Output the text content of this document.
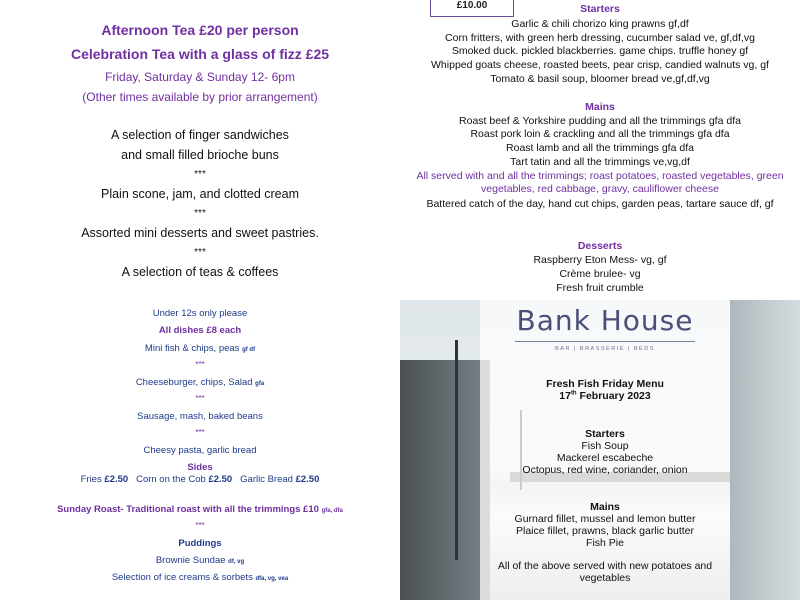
Afternoon Tea £20 per person
Celebration Tea with a glass of fizz £25
Friday, Saturday & Sunday 12- 6pm
(Other times available by prior arrangement)
A selection of finger sandwiches
and small filled brioche buns
***
Plain scone, jam, and clotted cream
***
Assorted mini desserts and sweet pastries.
***
A selection of teas & coffees
£10.00	Starters
Garlic & chili chorizo king prawns gf,df
Corn fritters, with green herb dressing, cucumber salad ve, gf,df,vg
Smoked duck. pickled blackberries. game chips. truffle honey gf
Whipped goats cheese, roasted beets, pear crisp, candied walnuts vg, gf
Tomato & basil soup, bloomer bread ve,gf,df,vg
Mains
Roast beef & Yorkshire pudding and all the trimmings gfa dfa
Roast pork loin & crackling and all the trimmings gfa dfa
Roast lamb and all the trimmings gfa dfa
Tart tatin and all the trimmings ve,vg,df
All served with and all the trimmings; roast potatoes, roasted vegetables, green vegetables, red cabbage, gravy, cauliflower cheese
Battered catch of the day, hand cut chips, garden peas, tartare sauce df, gf
Desserts
Raspberry Eton Mess- vg, gf
Crème brulee- vg
Fresh fruit crumble
Under 12s only please
All dishes £8 each
Mini fish & chips, peas gf df
***
Cheeseburger, chips, Salad gfa
***
Sausage, mash, baked beans
***
Cheesy pasta, garlic bread
Sides
Fries £2.50 Corn on the Cob £2.50 Garlic Bread £2.50
Sunday Roast- Traditional roast with all the trimmings £10 gfa, dfa
***
Puddings
Brownie Sundae df, vg
Selection of ice creams & sorbets dfa, vg, vea
Bank House
BAR | BRASSERIE | BEDS
Fresh Fish Friday Menu
17th February 2023
Starters
Fish Soup
Mackerel escabeche
Octopus, red wine, coriander, onion
Mains
Gurnard fillet, mussel and lemon butter
Plaice fillet, prawns, black garlic butter
Fish Pie
All of the above served with new potatoes and vegetables
